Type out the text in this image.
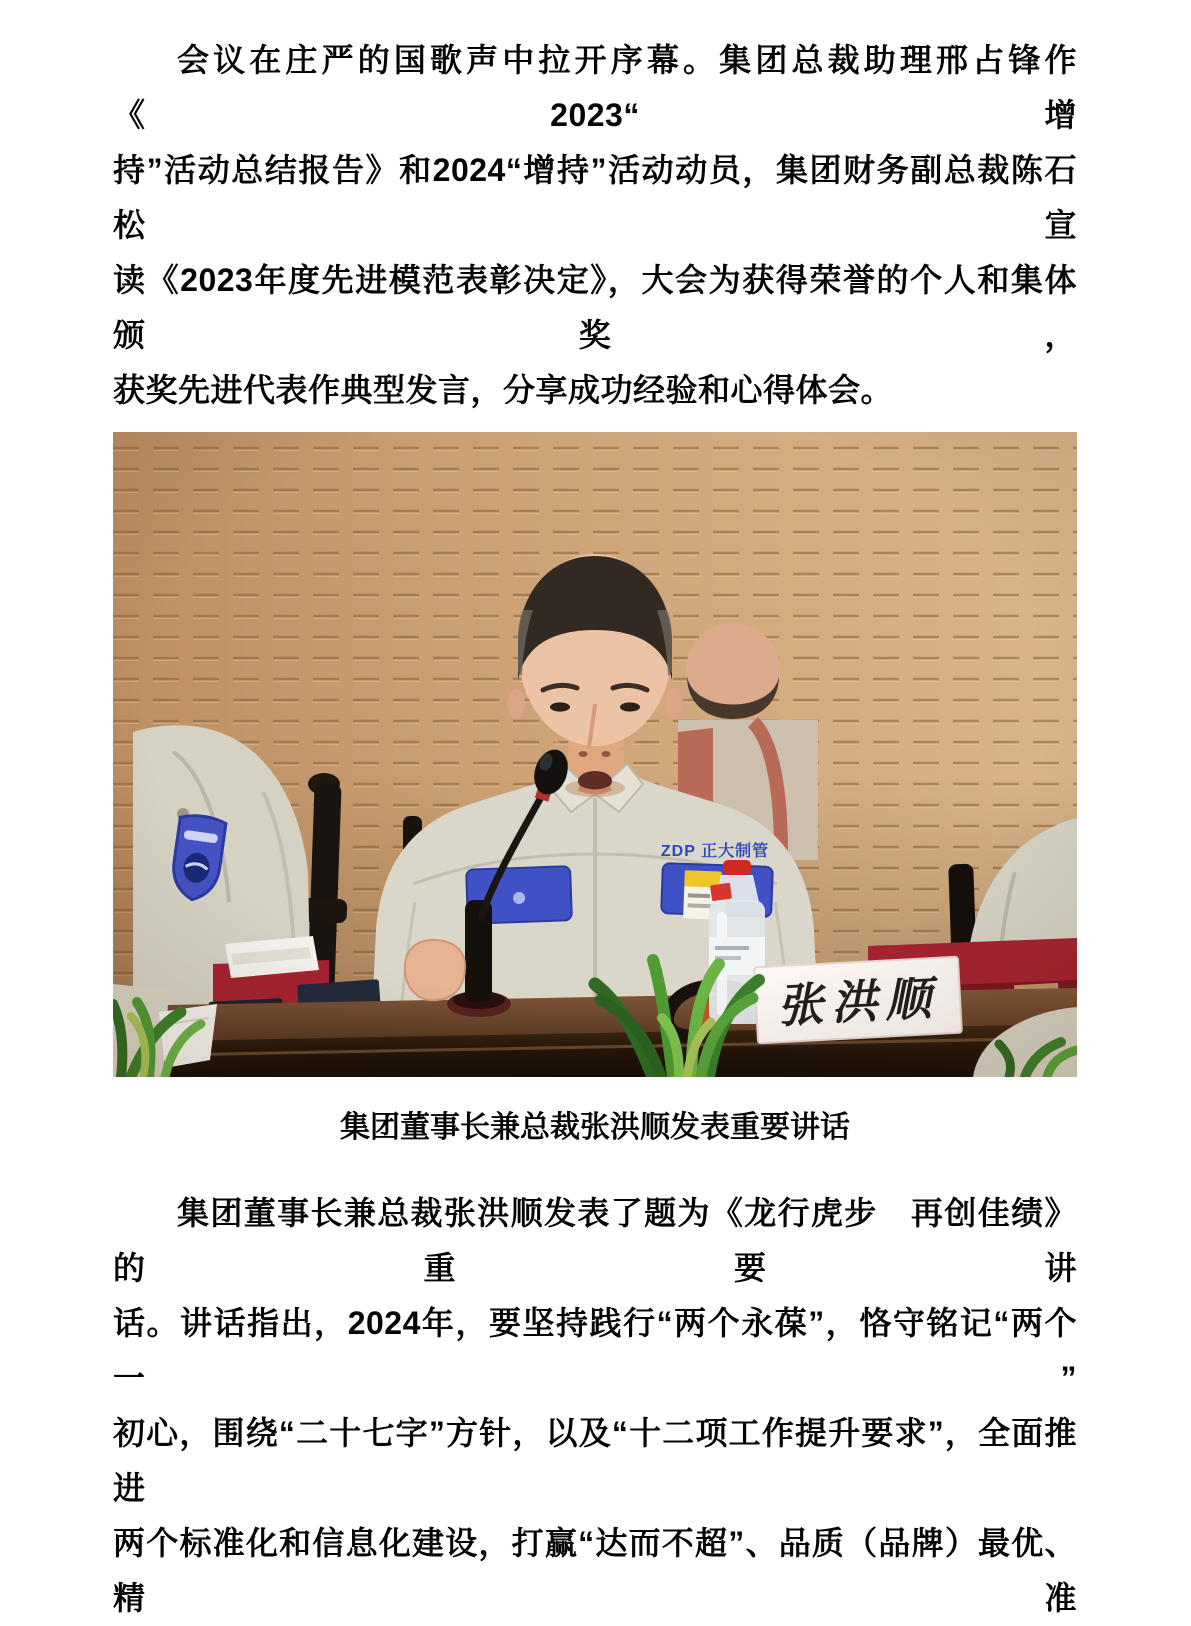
会议在庄严的国歌声中拉开序幕。集团总裁助理邢占锋作《2023“增
持”活动总结报告》和2024“增持”活动动员，集团财务副总裁陈石松宣
读《2023年度先进模范表彰决定》，大会为获得荣誉的个人和集体颁奖，
获奖先进代表作典型发言，分享成功经验和心得体会。
集团董事长兼总裁张洪顺发表重要讲话
集团董事长兼总裁张洪顺发表了题为《龙行虎步　再创佳绩》的重要讲
话。讲话指出，2024年，要坚持践行“两个永葆”，恪守铭记“两个一”
初心，围绕“二十七字”方针，以及“十二项工作提升要求”，全面推进
两个标准化和信息化建设，打赢“达而不超”、品质（品牌）最优、精准
